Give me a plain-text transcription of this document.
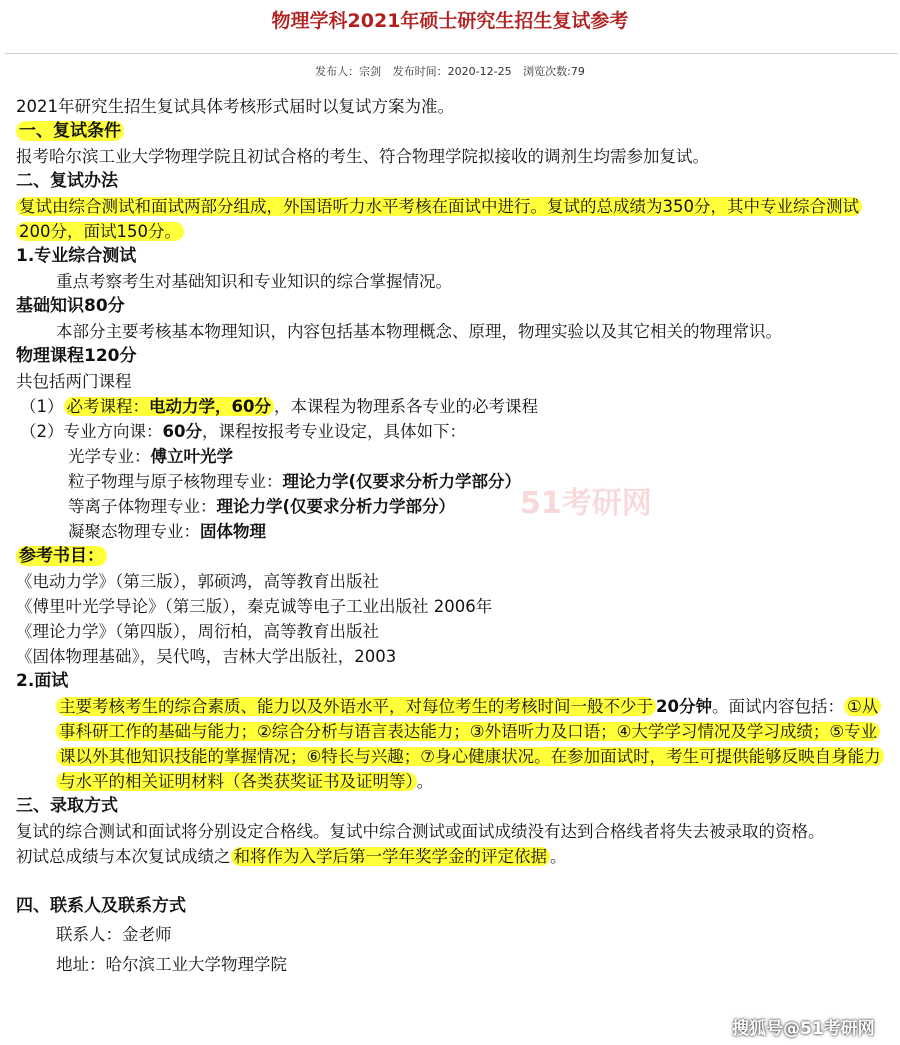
物理学科2021年硕士研究生招生复试参考
发布人：宗剑 发布时间：2020-12-25 浏览次数:79
51考研网
2021年研究生招生复试具体考核形式届时以复试方案为准。
一、复试条件
报考哈尔滨工业大学物理学院且初试合格的考生、符合物理学院拟接收的调剂生均需参加复试。
二、复试办法
复试由综合测试和面试两部分组成，外国语听力水平考核在面试中进行。复试的总成绩为350分，其中专业综合测试200分，面试150分。
1.专业综合测试
重点考察考生对基础知识和专业知识的综合掌握情况。
基础知识80分
本部分主要考核基本物理知识，内容包括基本物理概念、原理，物理实验以及其它相关的物理常识。
物理课程120分
共包括两门课程
（1） 必考课程：电动力学，60分 ，本课程为物理系各专业的必考课程
（2）专业方向课：60分，课程按报考专业设定，具体如下：
光学专业：傅立叶光学
粒子物理与原子核物理专业：理论力学(仅要求分析力学部分）
等离子体物理专业：理论力学(仅要求分析力学部分）
凝聚态物理专业：固体物理
参考书目：
《电动力学》（第三版），郭硕鸿，高等教育出版社
《傅里叶光学导论》（第三版），秦克诚等电子工业出版社 2006年
《理论力学》（第四版），周衍柏，高等教育出版社
《固体物理基础》，吴代鸣，吉林大学出版社，2003
2.面试
主要考核考生的综合素质、能力以及外语水平，对每位考生的考核时间一般不少于 20分钟。面试内容包括： ①从事科研工作的基础与能力；②综合分析与语言表达能力；③外语听力及口语；④大学学习情况及学习成绩；⑤专业课以外其他知识技能的掌握情况；⑥特长与兴趣；⑦身心健康状况。在参加面试时，考生可提供能够反映自身能力与水平的相关证明材料（各类获奖证书及证明等） 。
三、录取方式
复试的综合测试和面试将分别设定合格线。复试中综合测试或面试成绩没有达到合格线者将失去被录取的资格。
初试总成绩与本次复试成绩之 和将作为入学后第一学年奖学金的评定依据 。
四、联系人及联系方式
联系人：金老师
地址：哈尔滨工业大学物理学院
搜狐号@51考研网
